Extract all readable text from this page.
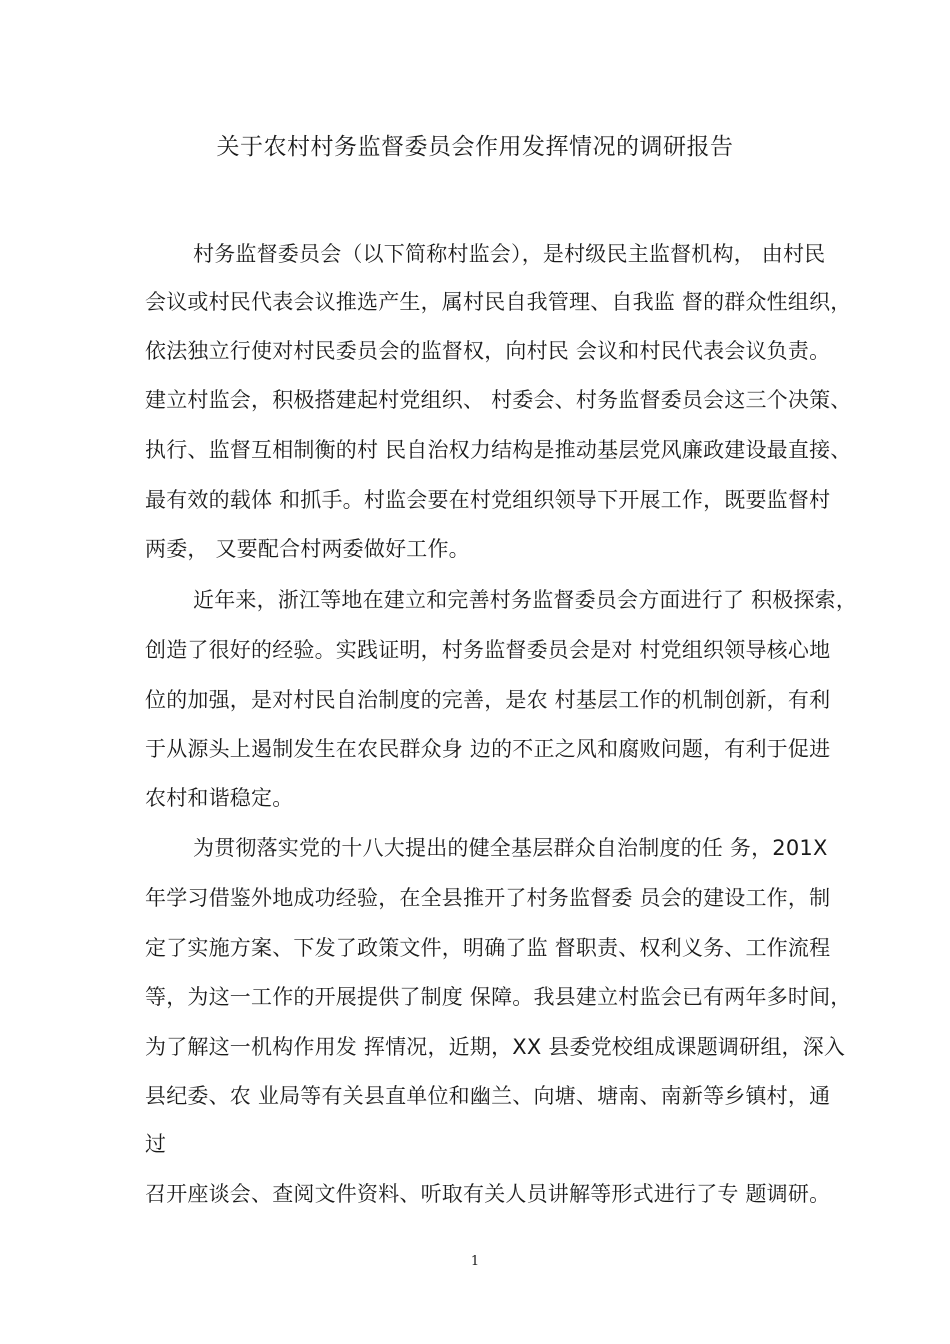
关于农村村务监督委员会作用发挥情况的调研报告
村务监督委员会（以下简称村监会），是村级民主监督机构， 由村民
会议或村民代表会议推选产生，属村民自我管理、自我监 督的群众性组织，
依法独立行使对村民委员会的监督权，向村民 会议和村民代表会议负责。
建立村监会，积极搭建起村党组织、 村委会、村务监督委员会这三个决策、
执行、监督互相制衡的村 民自治权力结构是推动基层党风廉政建设最直接、
最有效的载体 和抓手。村监会要在村党组织领导下开展工作，既要监督村
两委， 又要配合村两委做好工作。
近年来，浙江等地在建立和完善村务监督委员会方面进行了 积极探索，
创造了很好的经验。实践证明，村务监督委员会是对 村党组织领导核心地
位的加强，是对村民自治制度的完善，是农 村基层工作的机制创新，有利
于从源头上遏制发生在农民群众身 边的不正之风和腐败问题，有利于促进
农村和谐稳定。
为贯彻落实党的十八大提出的健全基层群众自治制度的任 务，201X
年学习借鉴外地成功经验，在全县推开了村务监督委 员会的建设工作，制
定了实施方案、下发了政策文件，明确了监 督职责、权利义务、工作流程
等，为这一工作的开展提供了制度 保障。我县建立村监会已有两年多时间，
为了解这一机构作用发 挥情况，近期，XX 县委党校组成课题调研组，深入
县纪委、农 业局等有关县直单位和幽兰、向塘、塘南、南新等乡镇村，通
过
召开座谈会、查阅文件资料、听取有关人员讲解等形式进行了专 题调研。
1
